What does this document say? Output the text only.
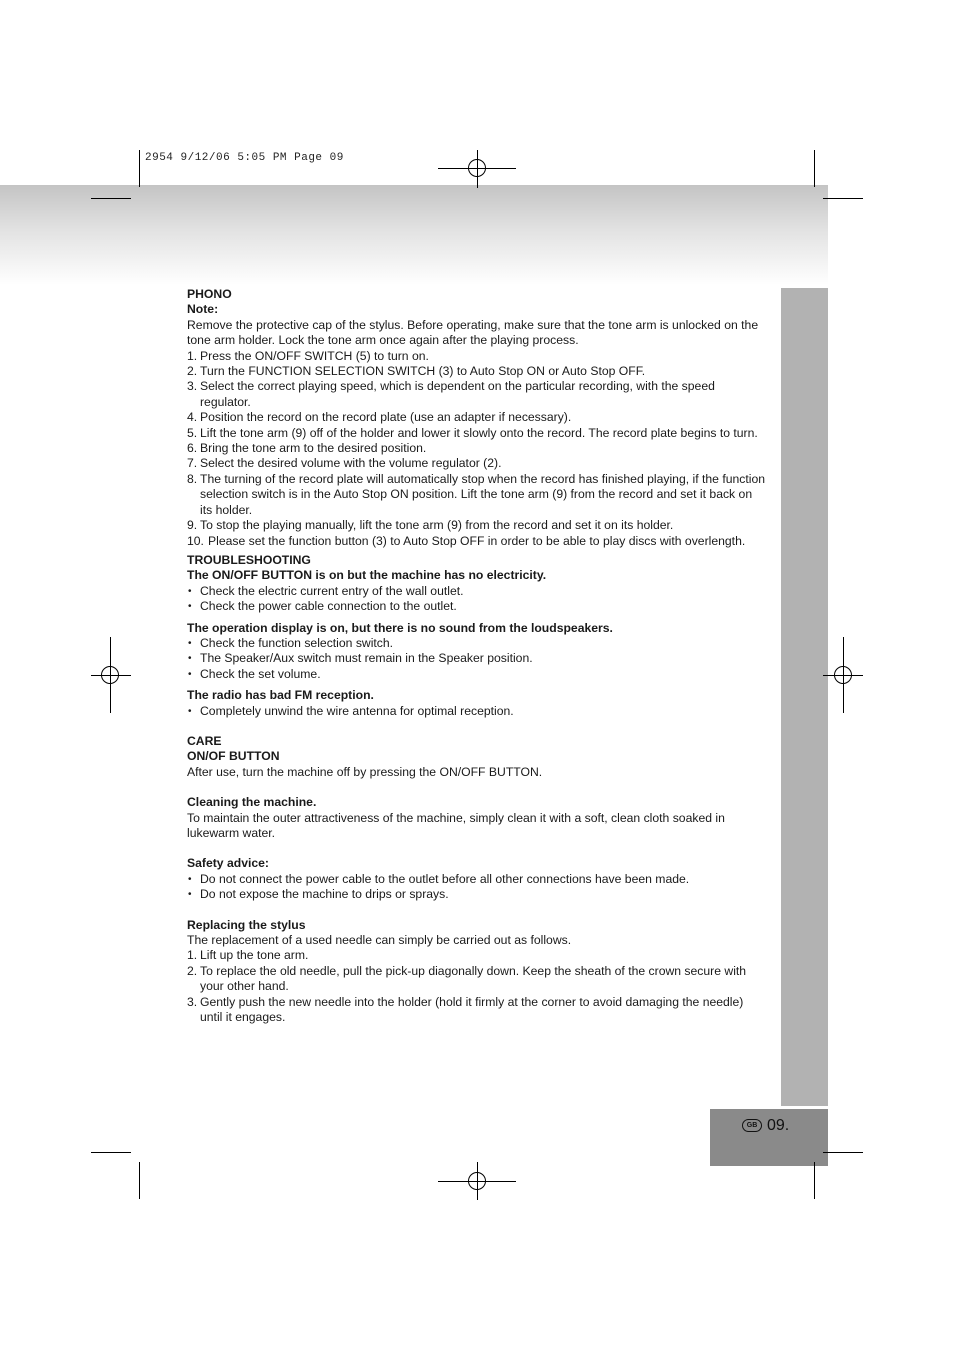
2954 9/12/06 5:05 PM Page 09
GB 09.

PHONO

Note:

Remove the protective cap of the stylus. Before operating, make sure that the tone arm is unlocked on the tone arm holder. Lock the tone arm once again after the playing process.

1. Press the ON/OFF SWITCH (5) to turn on.
2. Turn the FUNCTION SELECTION SWITCH (3) to Auto Stop ON or Auto Stop OFF.
3. Select the correct playing speed, which is dependent on the particular recording, with the speed regulator.
4. Position the record on the record plate (use an adapter if necessary).
5. Lift the tone arm (9) off of the holder and lower it slowly onto the record. The record plate begins to turn.
6. Bring the tone arm to the desired position.
7. Select the desired volume with the volume regulator (2).
8. The turning of the record plate will automatically stop when the record has finished playing, if the function selection switch is in the Auto Stop ON position. Lift the tone arm (9) from the record and set it back on its holder.
9. To stop the playing manually, lift the tone arm (9) from the record and set it on its holder.
10. Please set the function button (3) to Auto Stop OFF in order to be able to play discs with overlength.

TROUBLESHOOTING

The ON/OFF BUTTON is on but the machine has no electricity.

• Check the electric current entry of the wall outlet.
• Check the power cable connection to the outlet.

The operation display is on, but there is no sound from the loudspeakers.

• Check the function selection switch.
• The Speaker/Aux switch must remain in the Speaker position.
• Check the set volume.

The radio has bad FM reception.

• Completely unwind the wire antenna for optimal reception.

CARE

ON/OF BUTTON

After use, turn the machine off by pressing the ON/OFF BUTTON.

Cleaning the machine.

To maintain the outer attractiveness of the machine, simply clean it with a soft, clean cloth soaked in lukewarm water.

Safety advice:

• Do not connect the power cable to the outlet before all other connections have been made.
• Do not expose the machine to drips or sprays.

Replacing the stylus

The replacement of a used needle can simply be carried out as follows.

1. Lift up the tone arm.
2. To replace the old needle, pull the pick-up diagonally down. Keep the sheath of the crown secure with your other hand.
3. Gently push the new needle into the holder (hold it firmly at the corner to avoid damaging the needle) until it engages.
